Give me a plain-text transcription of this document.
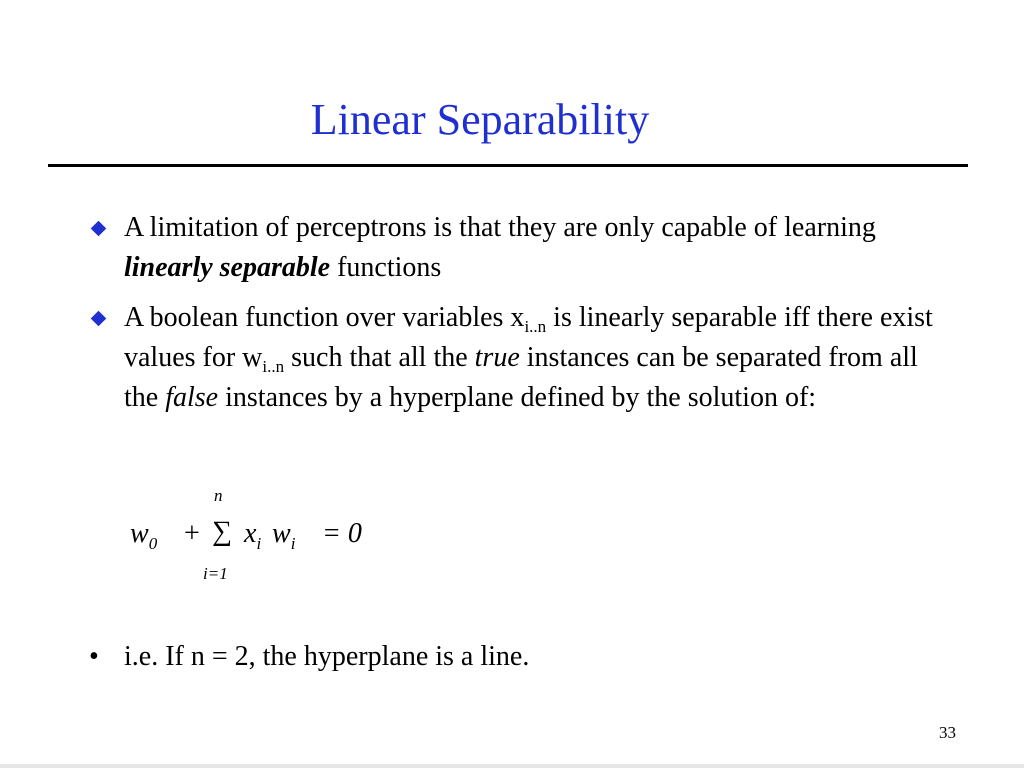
Linear Separability

A limitation of perceptrons is that they are only capable of learning linearly separable functions

A boolean function over variables $x_{i..n}$ is linearly separable iff there exist values for $w_{i..n}$ such that all the true instances can be separated from all the false instances by a hyperplane defined by the solution of:

n
$w_0$ + ∑ $x_i$ $w_i = 0$
i=1
• i.e. If n = 2, the hyperplane is a line.
33
